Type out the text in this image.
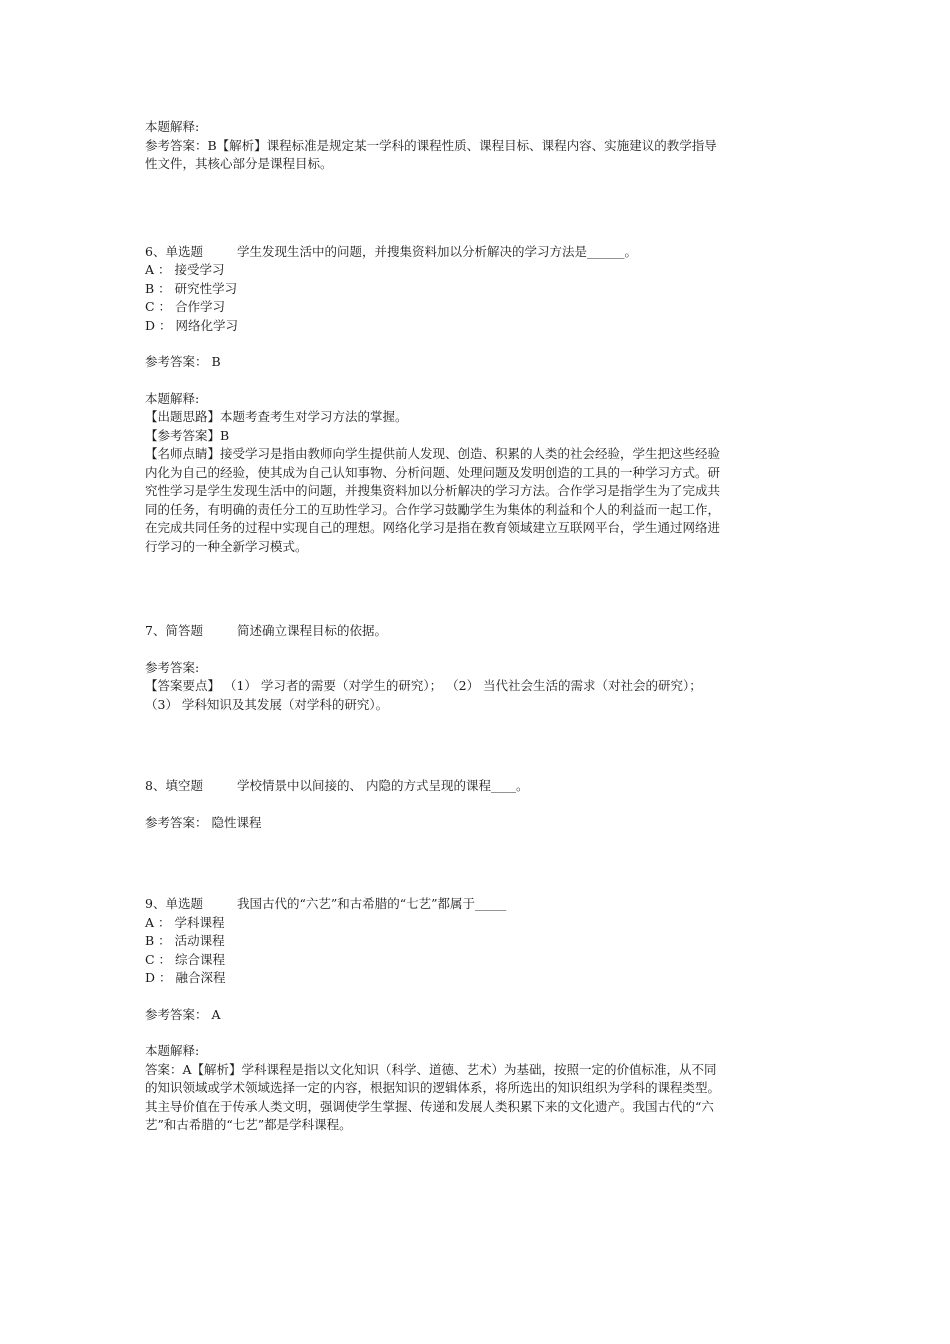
本题解释:
参考答案：B【解析】课程标准是规定某一学科的课程性质、课程目标、课程内容、实施建议的教学指导
性文件，其核心部分是课程目标。
6、单选题	学生发现生活中的问题，并搜集资料加以分析解决的学习方法是______。
A ： 接受学习
B ： 研究性学习
C ： 合作学习
D ： 网络化学习
参考答案： B
本题解释:
【出题思路】本题考查考生对学习方法的掌握。
【参考答案】B
【名师点睛】接受学习是指由教师向学生提供前人发现、创造、积累的人类的社会经验，学生把这些经验
内化为自己的经验，使其成为自己认知事物、分析问题、处理问题及发明创造的工具的一种学习方式。研
究性学习是学生发现生活中的问题，并搜集资料加以分析解决的学习方法。合作学习是指学生为了完成共
同的任务，有明确的责任分工的互助性学习。合作学习鼓勵学生为集体的利益和个人的利益而一起工作，
在完成共同任务的过程中实现自己的理想。网络化学习是指在教育领域建立互联网平台，学生通过网络进
行学习的一种全新学习模式。
7、简答题	简述确立课程目标的依据。
参考答案:
【答案要点】 （1） 学习者的需要（对学生的研究）； （2） 当代社会生活的需求（对社会的研究）；
（3） 学科知识及其发展（对学科的研究）。
8、填空题	学校情景中以间接的、 内隐的方式呈现的课程____。
参考答案： 隐性课程
9、单选题	我国古代的“六艺”和古希腊的“七艺”都属于_____
A ： 学科课程
B ： 活动课程
C ： 综合课程
D ： 融合深程
参考答案： A
本题解释:
答案：A【解析】学科课程是指以文化知识（科学、道德、艺术）为基础，按照一定的价值标准，从不同
的知识领域或学术领域选择一定的内容，根据知识的逻辑体系，将所选出的知识组织为学科的课程类型。
其主导价值在于传承人类文明，强调使学生掌握、传递和发展人类积累下来的文化遗产。我国古代的“六
艺”和古希腊的“七艺”都是学科课程。
